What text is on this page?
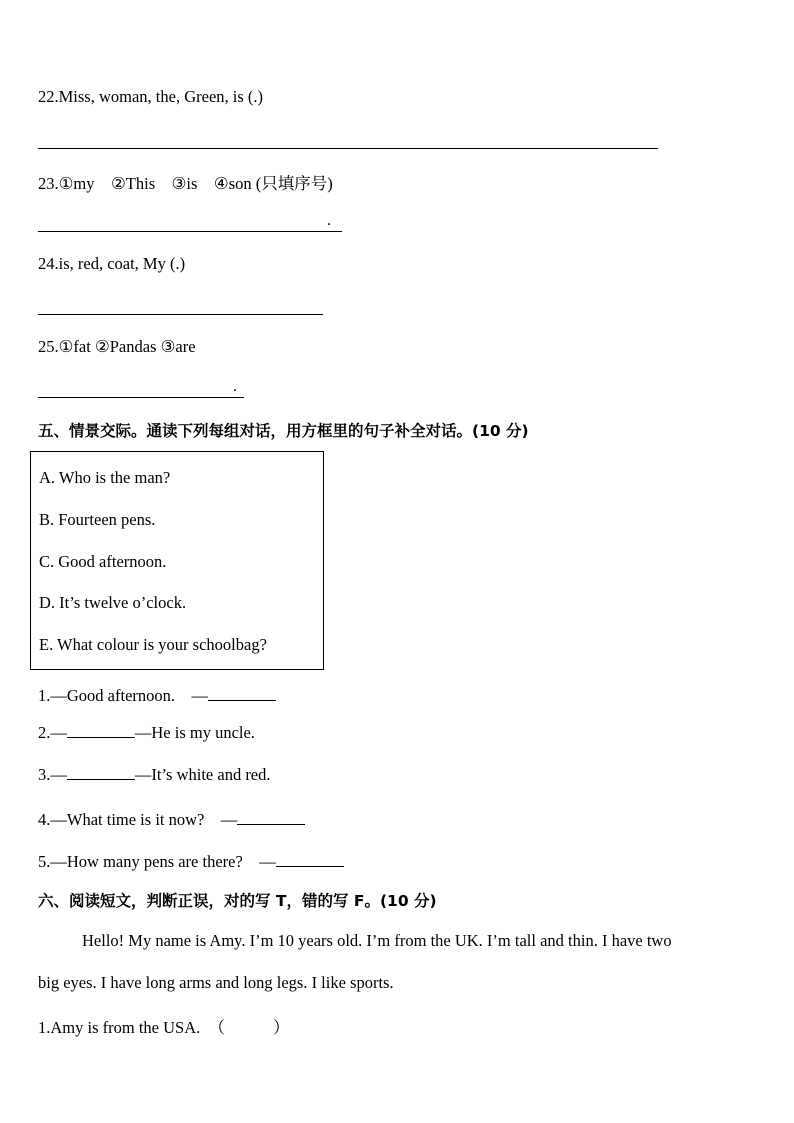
22.Miss, woman, the, Green, is (.)
23.①my　②This　③is　④son (只填序号)
.
24.is, red, coat, My (.)
25.①fat ②Pandas ③are
.
五、情景交际。通读下列每组对话，用方框里的句子补全对话。(10 分)
A. Who is the man?
B. Fourteen pens.
C. Good afternoon.
D. It’s twelve o’clock.
E. What colour is your schoolbag?
1.—Good afternoon.　—
2.—	—He is my uncle.
3.—	—It’s white and red.
4.—What time is it now?　—
5.—How many pens are there?　—
六、阅读短文，判断正误，对的写 T，错的写 F。(10 分)
Hello! My name is Amy. I’m 10 years old. I’m from the UK. I’m tall and thin. I have two
big eyes. I have long arms and long legs. I like sports.
1.Amy is from the USA.　（	）
